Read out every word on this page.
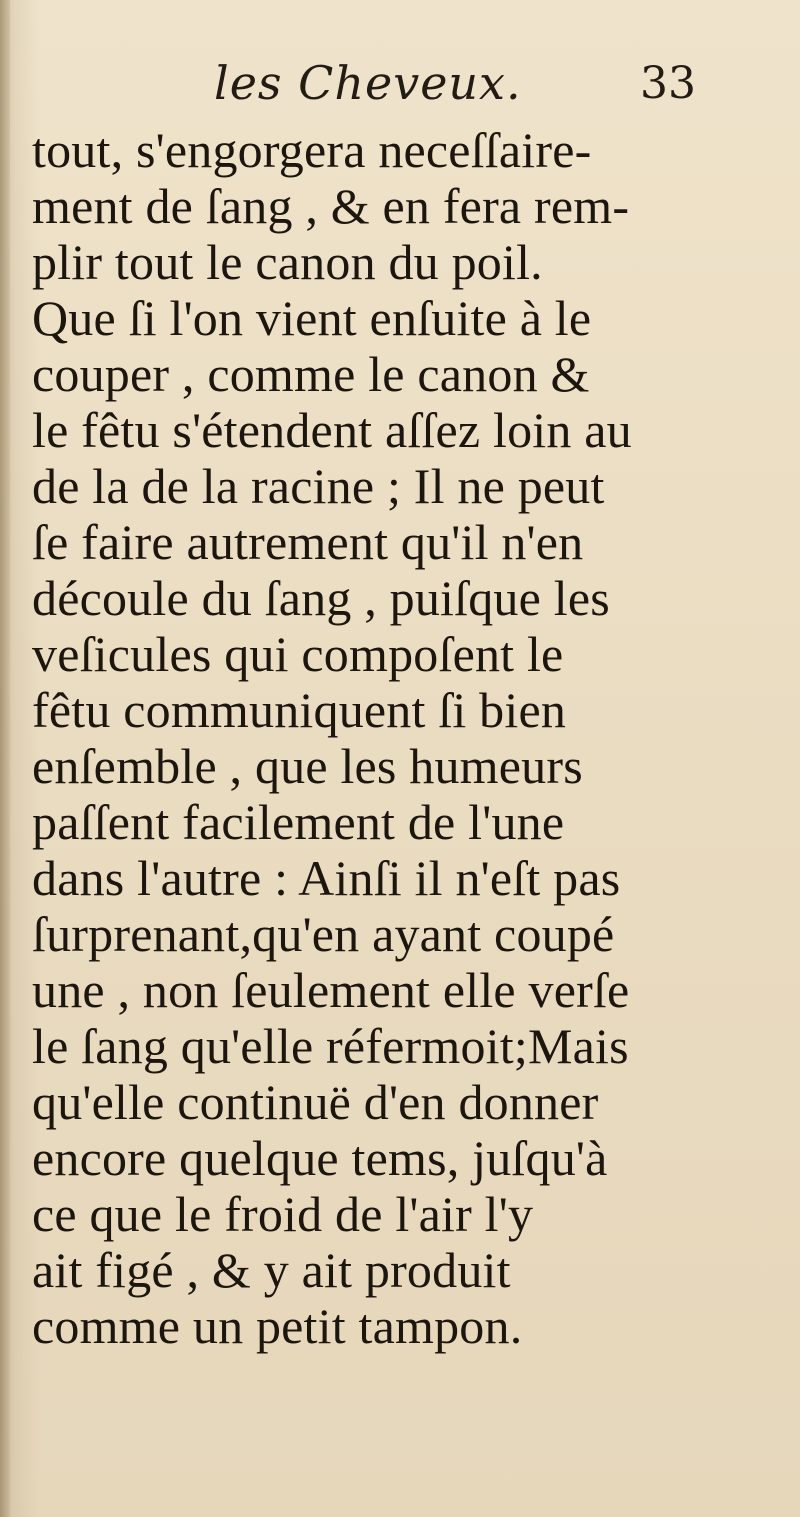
les Cheveux.	33
tout, s'engorgera neceſſaire-
ment de ſang , & en fera rem-
plir tout le canon du poil.
Que ſi l'on vient enſuite à le
couper , comme le canon &
le fêtu s'étendent aſſez loin au
de la de la racine ; Il ne peut
ſe faire autrement qu'il n'en
découle du ſang , puiſque les
veſicules qui compoſent le
fêtu communiquent ſi bien
enſemble , que les humeurs
paſſent facilement de l'une
dans l'autre : Ainſi il n'eſt pas
ſurprenant,qu'en ayant coupé
une , non ſeulement elle verſe
le ſang qu'elle réfermoit;Mais
qu'elle continuë d'en donner
encore quelque tems, juſqu'à
ce que le froid de l'air l'y
ait figé , & y ait produit
comme un petit tampon.
